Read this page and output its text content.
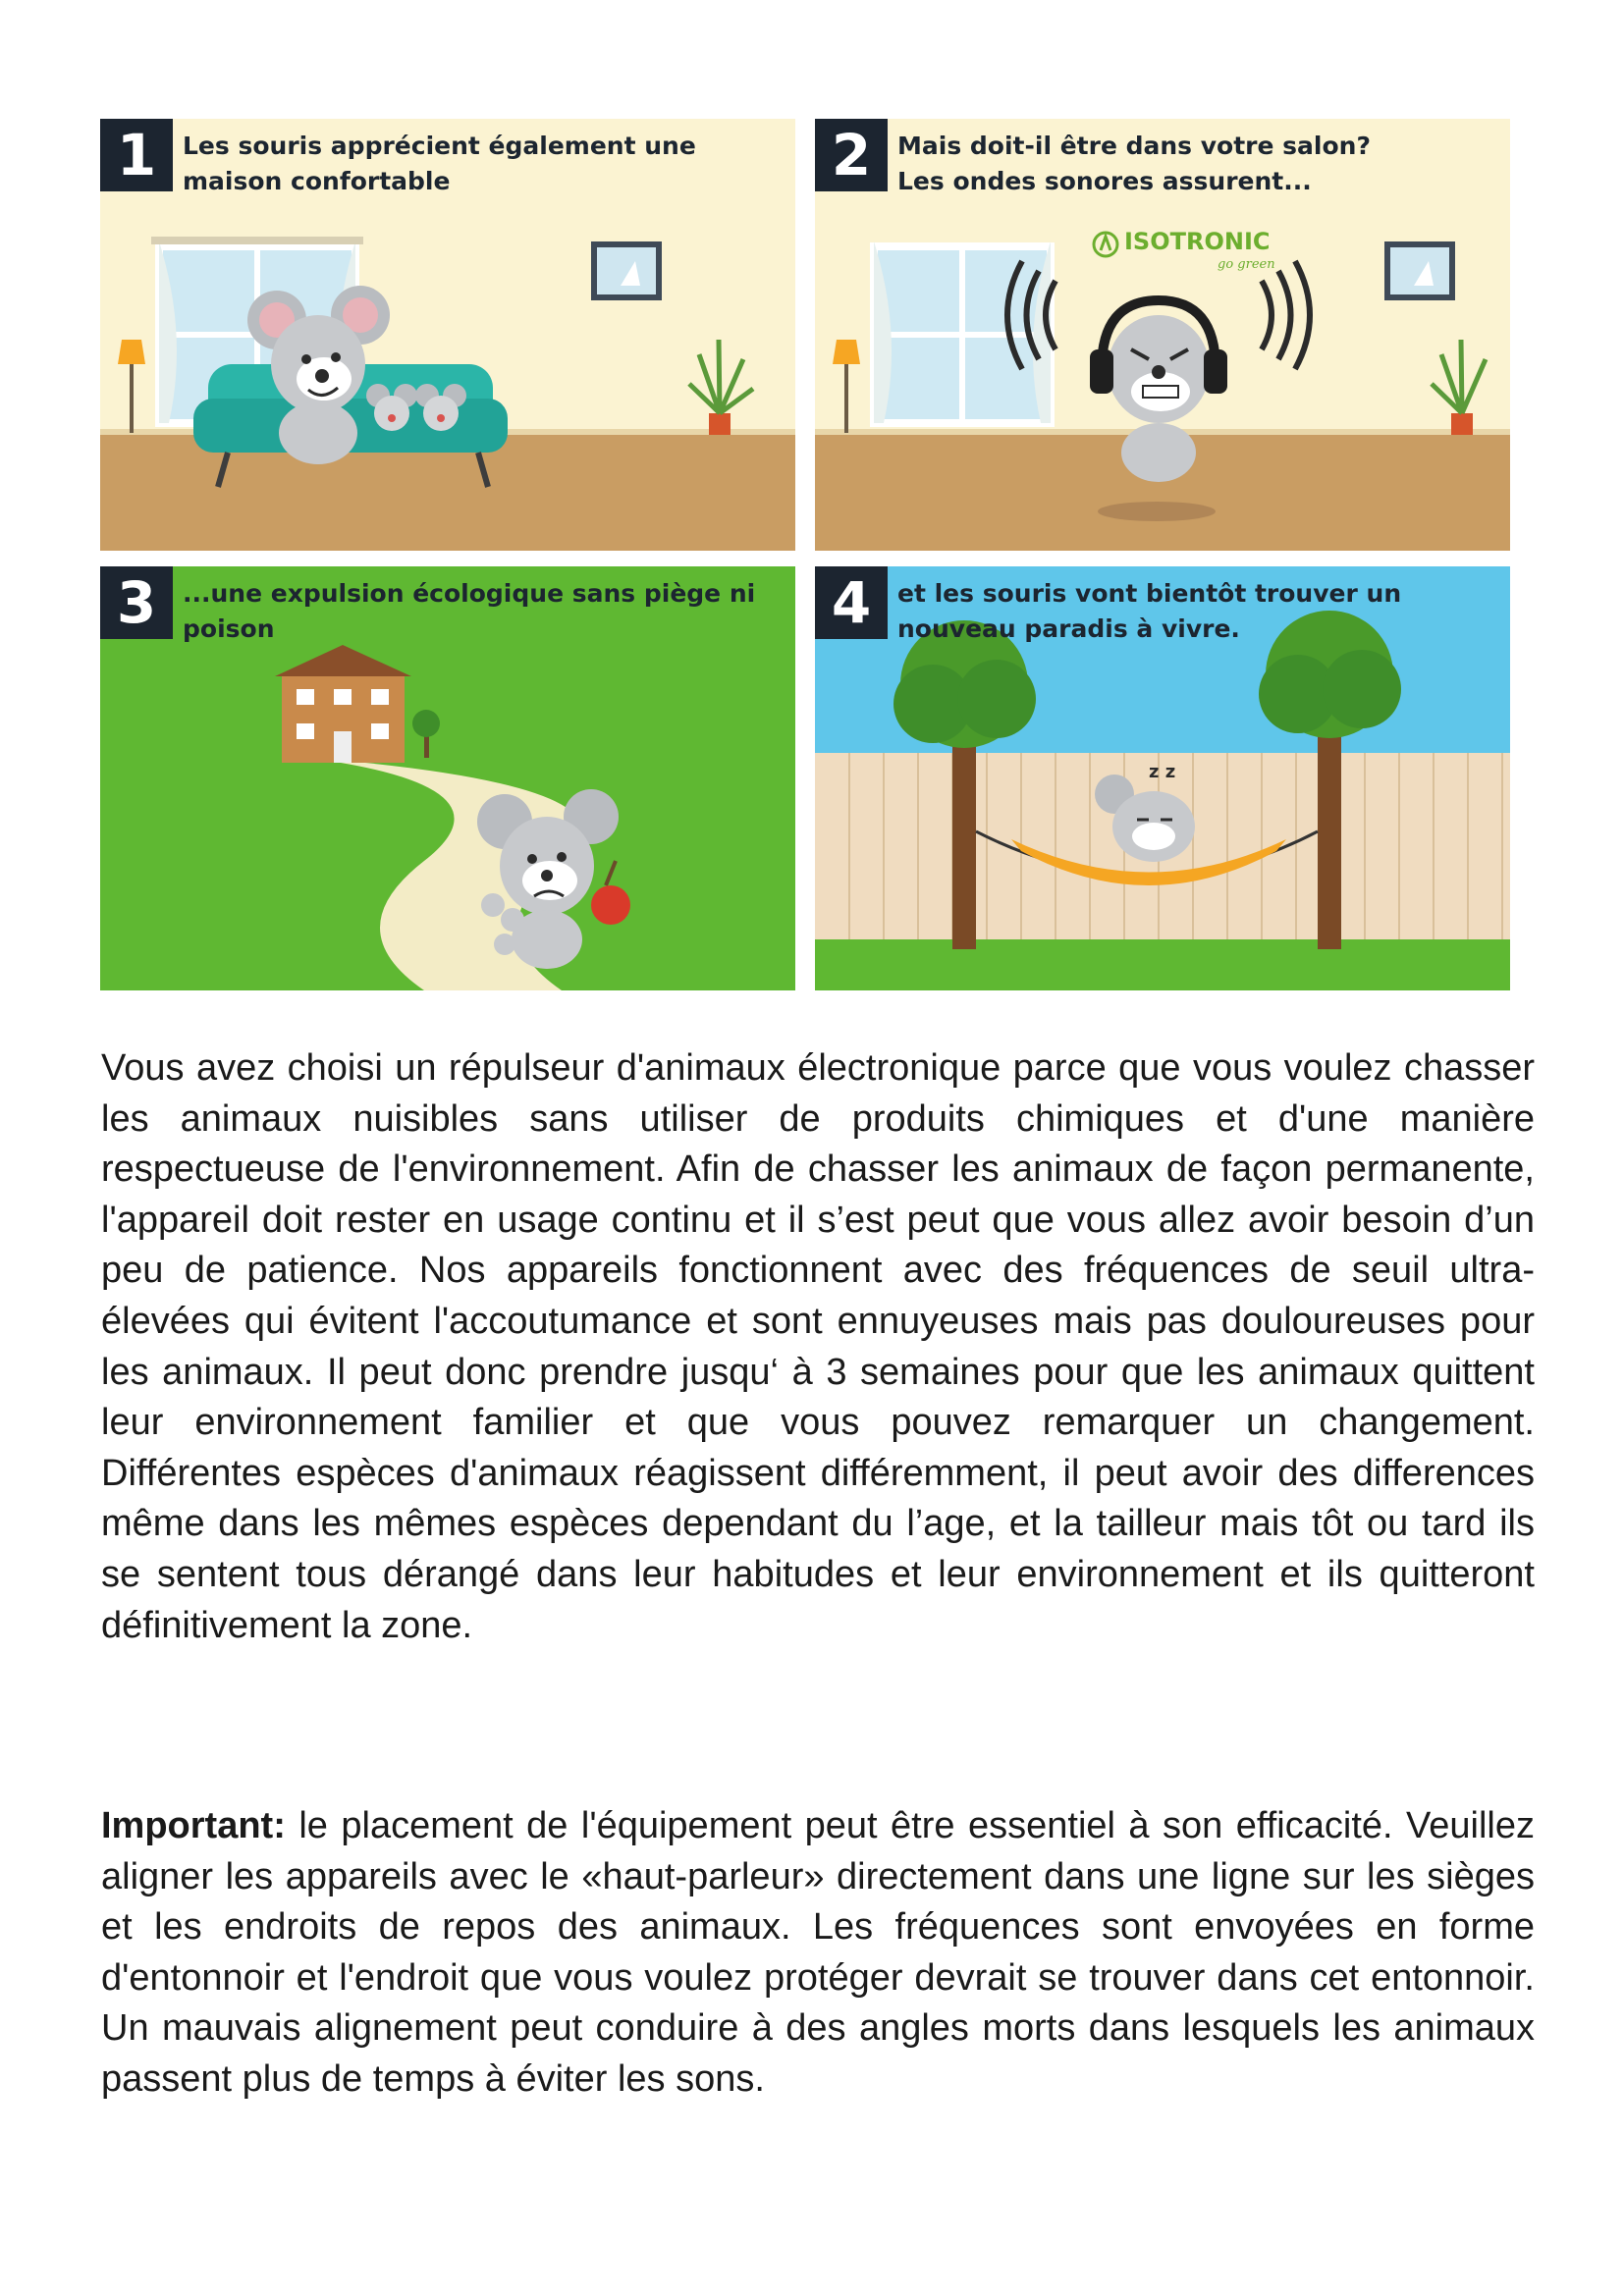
1	Les souris apprécient également une
maison confortable
ISOTRONIC
go green
2	Mais doit-il être dans votre salon?
Les ondes sonores assurent...
3	...une expulsion écologique sans piège ni
poison
z z
4	et les souris vont bientôt trouver un
nouveau paradis à vivre.
Vous avez choisi un répulseur d'animaux électronique parce que vous voulez chasser les animaux nuisibles sans utiliser de produits chimiques et d'une manière respectueuse de l'environnement. Afin de chasser les animaux de façon permanente, l'appareil doit rester en usage continu et il s’est peut que vous allez avoir besoin d’un peu de patience. Nos appareils fonctionnent avec des fréquences de seuil ultra-élevées qui évitent l'accoutumance et sont ennuyeuses mais pas douloureuses pour les animaux. Il peut donc prendre jusqu‘ à 3 semaines pour que les animaux quittent leur environnement familier et que vous pouvez remarquer un changement. Différentes espèces d'animaux réagissent différemment, il peut avoir des differences même dans les mêmes espèces dependant du l’age, et la tailleur mais tôt ou tard ils se sentent tous dérangé dans leur habitudes et leur environnement et ils quitteront définitivement la zone.
Important: le placement de l'équipement peut être essentiel à son efficacité. Veuillez aligner les appareils avec le «haut-parleur» directement dans une ligne sur les sièges et les endroits de repos des animaux. Les fréquences sont envoyées en forme d'entonnoir et l'endroit que vous voulez protéger devrait se trouver dans cet entonnoir. Un mauvais alignement peut conduire à des angles morts dans lesquels les animaux passent plus de temps à éviter les sons.
